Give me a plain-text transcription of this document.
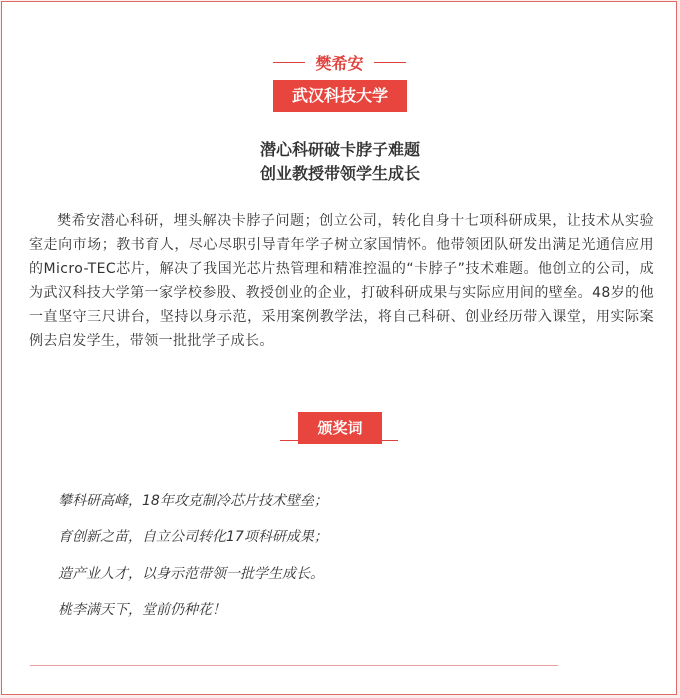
樊希安
武汉科技大学
潜心科研破卡脖子难题
创业教授带领学生成长
樊希安潜心科研，埋头解决卡脖子问题；创立公司，转化自身十七项科研成果，让技术从实验室走向市场；教书育人，尽心尽职引导青年学子树立家国情怀。他带领团队研发出满足光通信应用的Micro-TEC芯片，解决了我国光芯片热管理和精准控温的“卡脖子”技术难题。他创立的公司，成为武汉科技大学第一家学校参股、教授创业的企业，打破科研成果与实际应用间的壁垒。48岁的他一直坚守三尺讲台，坚持以身示范，采用案例教学法，将自己科研、创业经历带入课堂，用实际案例去启发学生，带领一批批学子成长。
颁奖词
攀科研高峰，18年攻克制冷芯片技术壁垒；
育创新之苗，自立公司转化17项科研成果；
造产业人才，以身示范带领一批学生成长。
桃李满天下，堂前仍种花！
